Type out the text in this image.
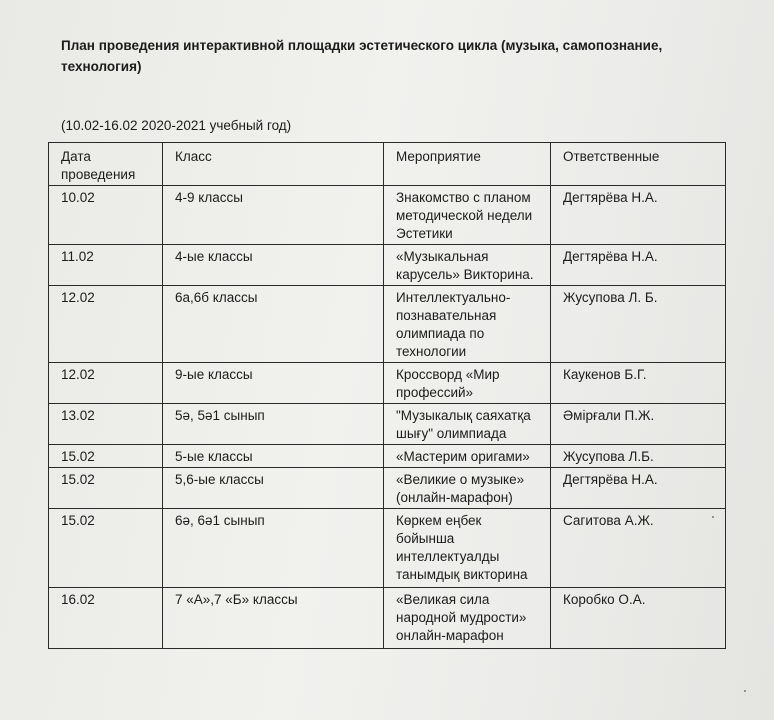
План проведения интерактивной площадки эстетического цикла (музыка, самопознание, технология)
(10.02-16.02 2020-2021 учебный год)
Дата
проведения	Класс	Мероприятие	Ответственные
10.02	4-9 классы	Знакомство с планом
методической недели
Эстетики	Дегтярёва Н.А.
11.02	4-ые классы	«Музыкальная
карусель» Викторина.	Дегтярёва Н.А.
12.02	6а,6б классы	Интеллектуально-
познавательная
олимпиада по
технологии	Жусупова Л. Б.
12.02	9-ые классы	Кроссворд «Мир
профессий»	Каукенов Б.Г.
13.02	5ә, 5ә1 сынып	"Музыкалық саяхатқа
шығу" олимпиада	Әмірғали П.Ж.
15.02	5-ые классы	«Мастерим оригами»	Жусупова Л.Б.
15.02	5,6-ые классы	«Великие о музыке»
(онлайн-марафон)	Дегтярёва Н.А.
15.02	6ә, 6ә1 сынып	Көркем еңбек
бойынша
интеллектуалды
танымдық викторина	Сагитова А.Ж.
16.02	7 «А»,7 «Б» классы	«Великая сила
народной мудрости»
онлайн-марафон	Коробко О.А.
